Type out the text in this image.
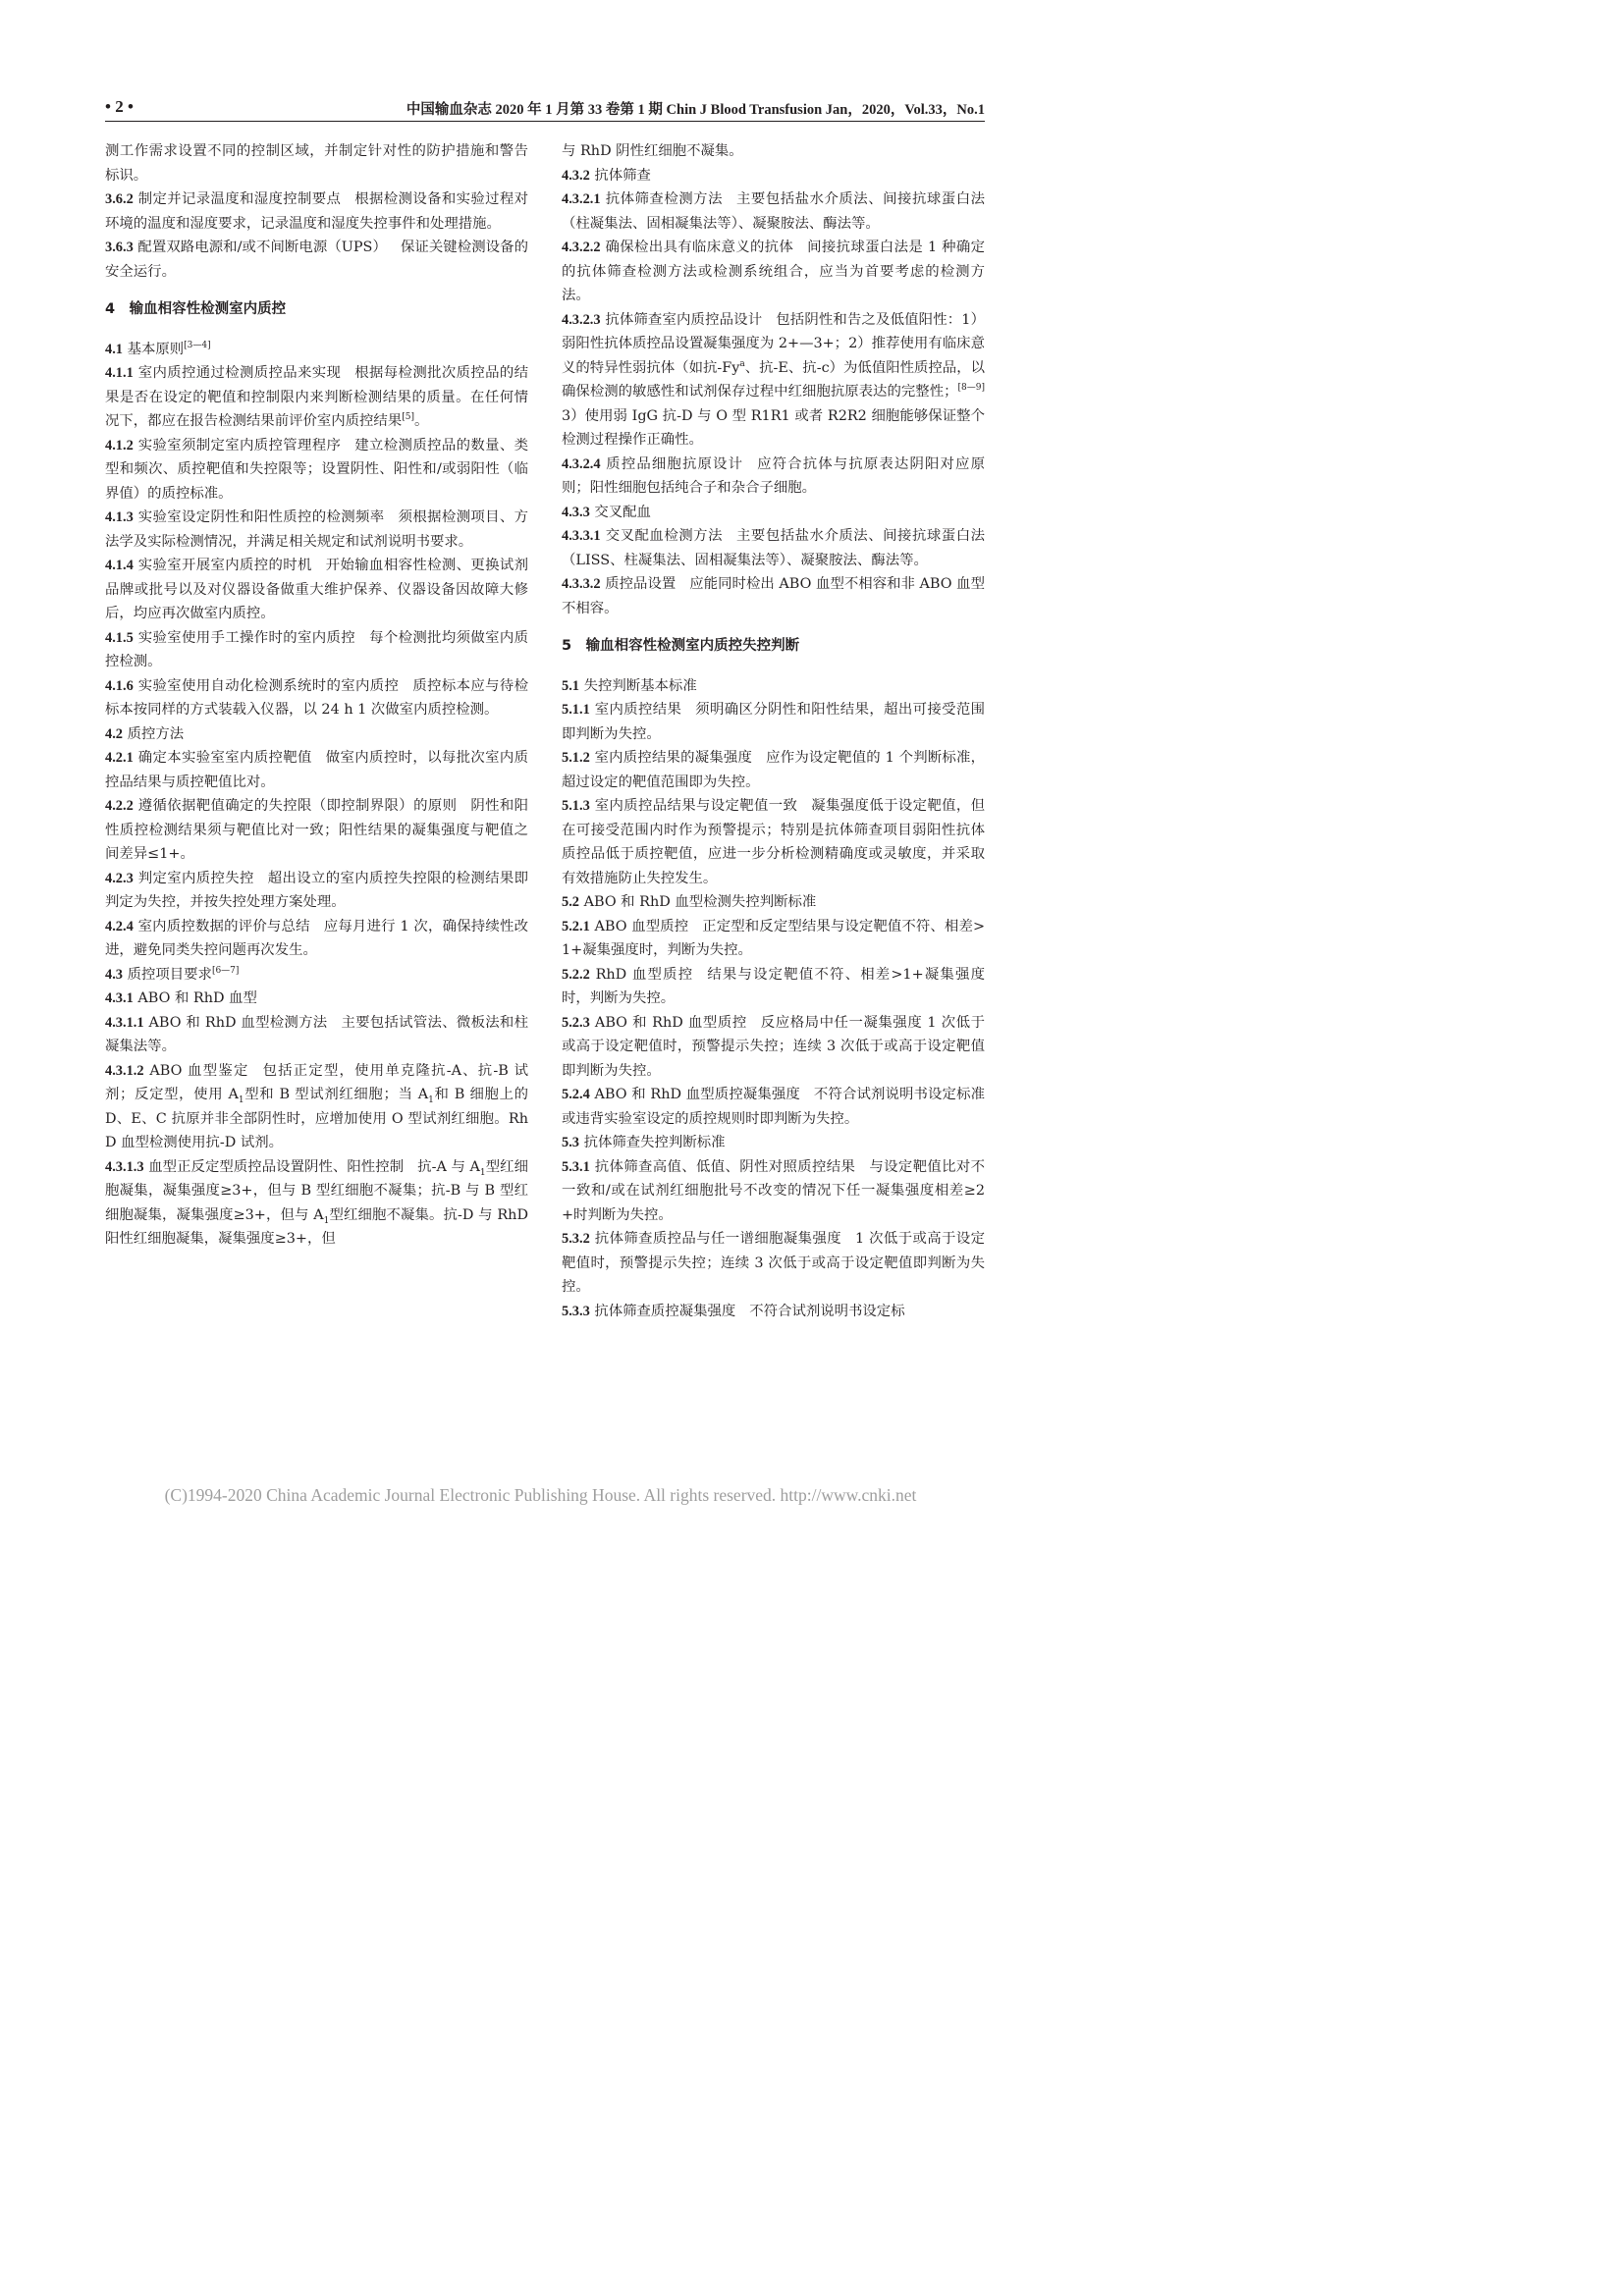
• 2 •	中国输血杂志 2020 年 1 月第 33 卷第 1 期 Chin J Blood Transfusion Jan，2020，Vol.33，No.1

测工作需求设置不同的控制区域，并制定针对性的防护措施和警告标识。

3.6.2 制定并记录温度和湿度控制要点 根据检测设备和实验过程对环境的温度和湿度要求，记录温度和湿度失控事件和处理措施。

3.6.3 配置双路电源和/或不间断电源（UPS） 保证关键检测设备的安全运行。

4　输血相容性检测室内质控

4.1 基本原则[3—4]

4.1.1 室内质控通过检测质控品来实现 根据每检测批次质控品的结果是否在设定的靶值和控制限内来判断检测结果的质量。在任何情况下，都应在报告检测结果前评价室内质控结果[5]。

4.1.2 实验室须制定室内质控管理程序 建立检测质控品的数量、类型和频次、质控靶值和失控限等；设置阴性、阳性和/或弱阳性（临界值）的质控标准。

4.1.3 实验室设定阴性和阳性质控的检测频率 须根据检测项目、方法学及实际检测情况，并满足相关规定和试剂说明书要求。

4.1.4 实验室开展室内质控的时机 开始输血相容性检测、更换试剂品牌或批号以及对仪器设备做重大维护保养、仪器设备因故障大修后，均应再次做室内质控。

4.1.5 实验室使用手工操作时的室内质控 每个检测批均须做室内质控检测。

4.1.6 实验室使用自动化检测系统时的室内质控 质控标本应与待检标本按同样的方式装载入仪器，以 24 h 1 次做室内质控检测。

4.2 质控方法

4.2.1 确定本实验室室内质控靶值 做室内质控时，以每批次室内质控品结果与质控靶值比对。

4.2.2 遵循依据靶值确定的失控限（即控制界限）的原则 阴性和阳性质控检测结果须与靶值比对一致；阳性结果的凝集强度与靶值之间差异≤1+。

4.2.3 判定室内质控失控 超出设立的室内质控失控限的检测结果即判定为失控，并按失控处理方案处理。

4.2.4 室内质控数据的评价与总结 应每月进行 1 次，确保持续性改进，避免同类失控问题再次发生。

4.3 质控项目要求[6—7]

4.3.1 ABO 和 RhD 血型

4.3.1.1 ABO 和 RhD 血型检测方法 主要包括试管法、微板法和柱凝集法等。

4.3.1.2 ABO 血型鉴定 包括正定型，使用单克隆抗-A、抗-B 试剂；反定型，使用 $A_1$型和 B 型试剂红细胞；当 $A_1$和 B 细胞上的 D、E、C 抗原并非全部阴性时，应增加使用 O 型试剂红细胞。RhD 血型检测使用抗-D 试剂。

4.3.1.3 血型正反定型质控品设置阴性、阳性控制 抗-A 与 $A_1$型红细胞凝集，凝集强度≥3+，但与 B 型红细胞不凝集；抗-B 与 B 型红细胞凝集，凝集强度≥3+，但与 $A_1$型红细胞不凝集。抗-D 与 RhD 阳性红细胞凝集，凝集强度≥3+，但

与 RhD 阴性红细胞不凝集。

4.3.2 抗体筛查

4.3.2.1 抗体筛查检测方法 主要包括盐水介质法、间接抗球蛋白法（柱凝集法、固相凝集法等）、凝聚胺法、酶法等。

4.3.2.2 确保检出具有临床意义的抗体 间接抗球蛋白法是 1 种确定的抗体筛查检测方法或检测系统组合，应当为首要考虑的检测方法。

4.3.2.3 抗体筛查室内质控品设计 包括阴性和告之及低值阳性：1）弱阳性抗体质控品设置凝集强度为 2+—3+；2）推荐使用有临床意义的特异性弱抗体（如抗-Fy$^a$、抗-E、抗-c）为低值阳性质控品，以确保检测的敏感性和试剂保存过程中红细胞抗原表达的完整性；[8—9] 3）使用弱 IgG 抗-D 与 O 型 R1R1 或者 R2R2 细胞能够保证整个检测过程操作正确性。

4.3.2.4 质控品细胞抗原设计 应符合抗体与抗原表达阴阳对应原则；阳性细胞包括纯合子和杂合子细胞。

4.3.3 交叉配血

4.3.3.1 交叉配血检测方法 主要包括盐水介质法、间接抗球蛋白法（LISS、柱凝集法、固相凝集法等）、凝聚胺法、酶法等。

4.3.3.2 质控品设置 应能同时检出 ABO 血型不相容和非 ABO 血型不相容。

5　输血相容性检测室内质控失控判断

5.1 失控判断基本标准

5.1.1 室内质控结果 须明确区分阴性和阳性结果，超出可接受范围即判断为失控。

5.1.2 室内质控结果的凝集强度 应作为设定靶值的 1 个判断标准，超过设定的靶值范围即为失控。

5.1.3 室内质控品结果与设定靶值一致 凝集强度低于设定靶值，但在可接受范围内时作为预警提示；特别是抗体筛查项目弱阳性抗体质控品低于质控靶值，应进一步分析检测精确度或灵敏度，并采取有效措施防止失控发生。

5.2 ABO 和 RhD 血型检测失控判断标准

5.2.1 ABO 血型质控 正定型和反定型结果与设定靶值不符、相差>1+凝集强度时，判断为失控。

5.2.2 RhD 血型质控 结果与设定靶值不符、相差>1+凝集强度时，判断为失控。

5.2.3 ABO 和 RhD 血型质控 反应格局中任一凝集强度 1 次低于或高于设定靶值时，预警提示失控；连续 3 次低于或高于设定靶值即判断为失控。

5.2.4 ABO 和 RhD 血型质控凝集强度 不符合试剂说明书设定标准或违背实验室设定的质控规则时即判断为失控。

5.3 抗体筛查失控判断标准

5.3.1 抗体筛查高值、低值、阴性对照质控结果 与设定靶值比对不一致和/或在试剂红细胞批号不改变的情况下任一凝集强度相差≥2+时判断为失控。

5.3.2 抗体筛查质控品与任一谱细胞凝集强度 1 次低于或高于设定靶值时，预警提示失控；连续 3 次低于或高于设定靶值即判断为失控。

5.3.3 抗体筛查质控凝集强度 不符合试剂说明书设定标

(C)1994-2020 China Academic Journal Electronic Publishing House. All rights reserved. http://www.cnki.net
